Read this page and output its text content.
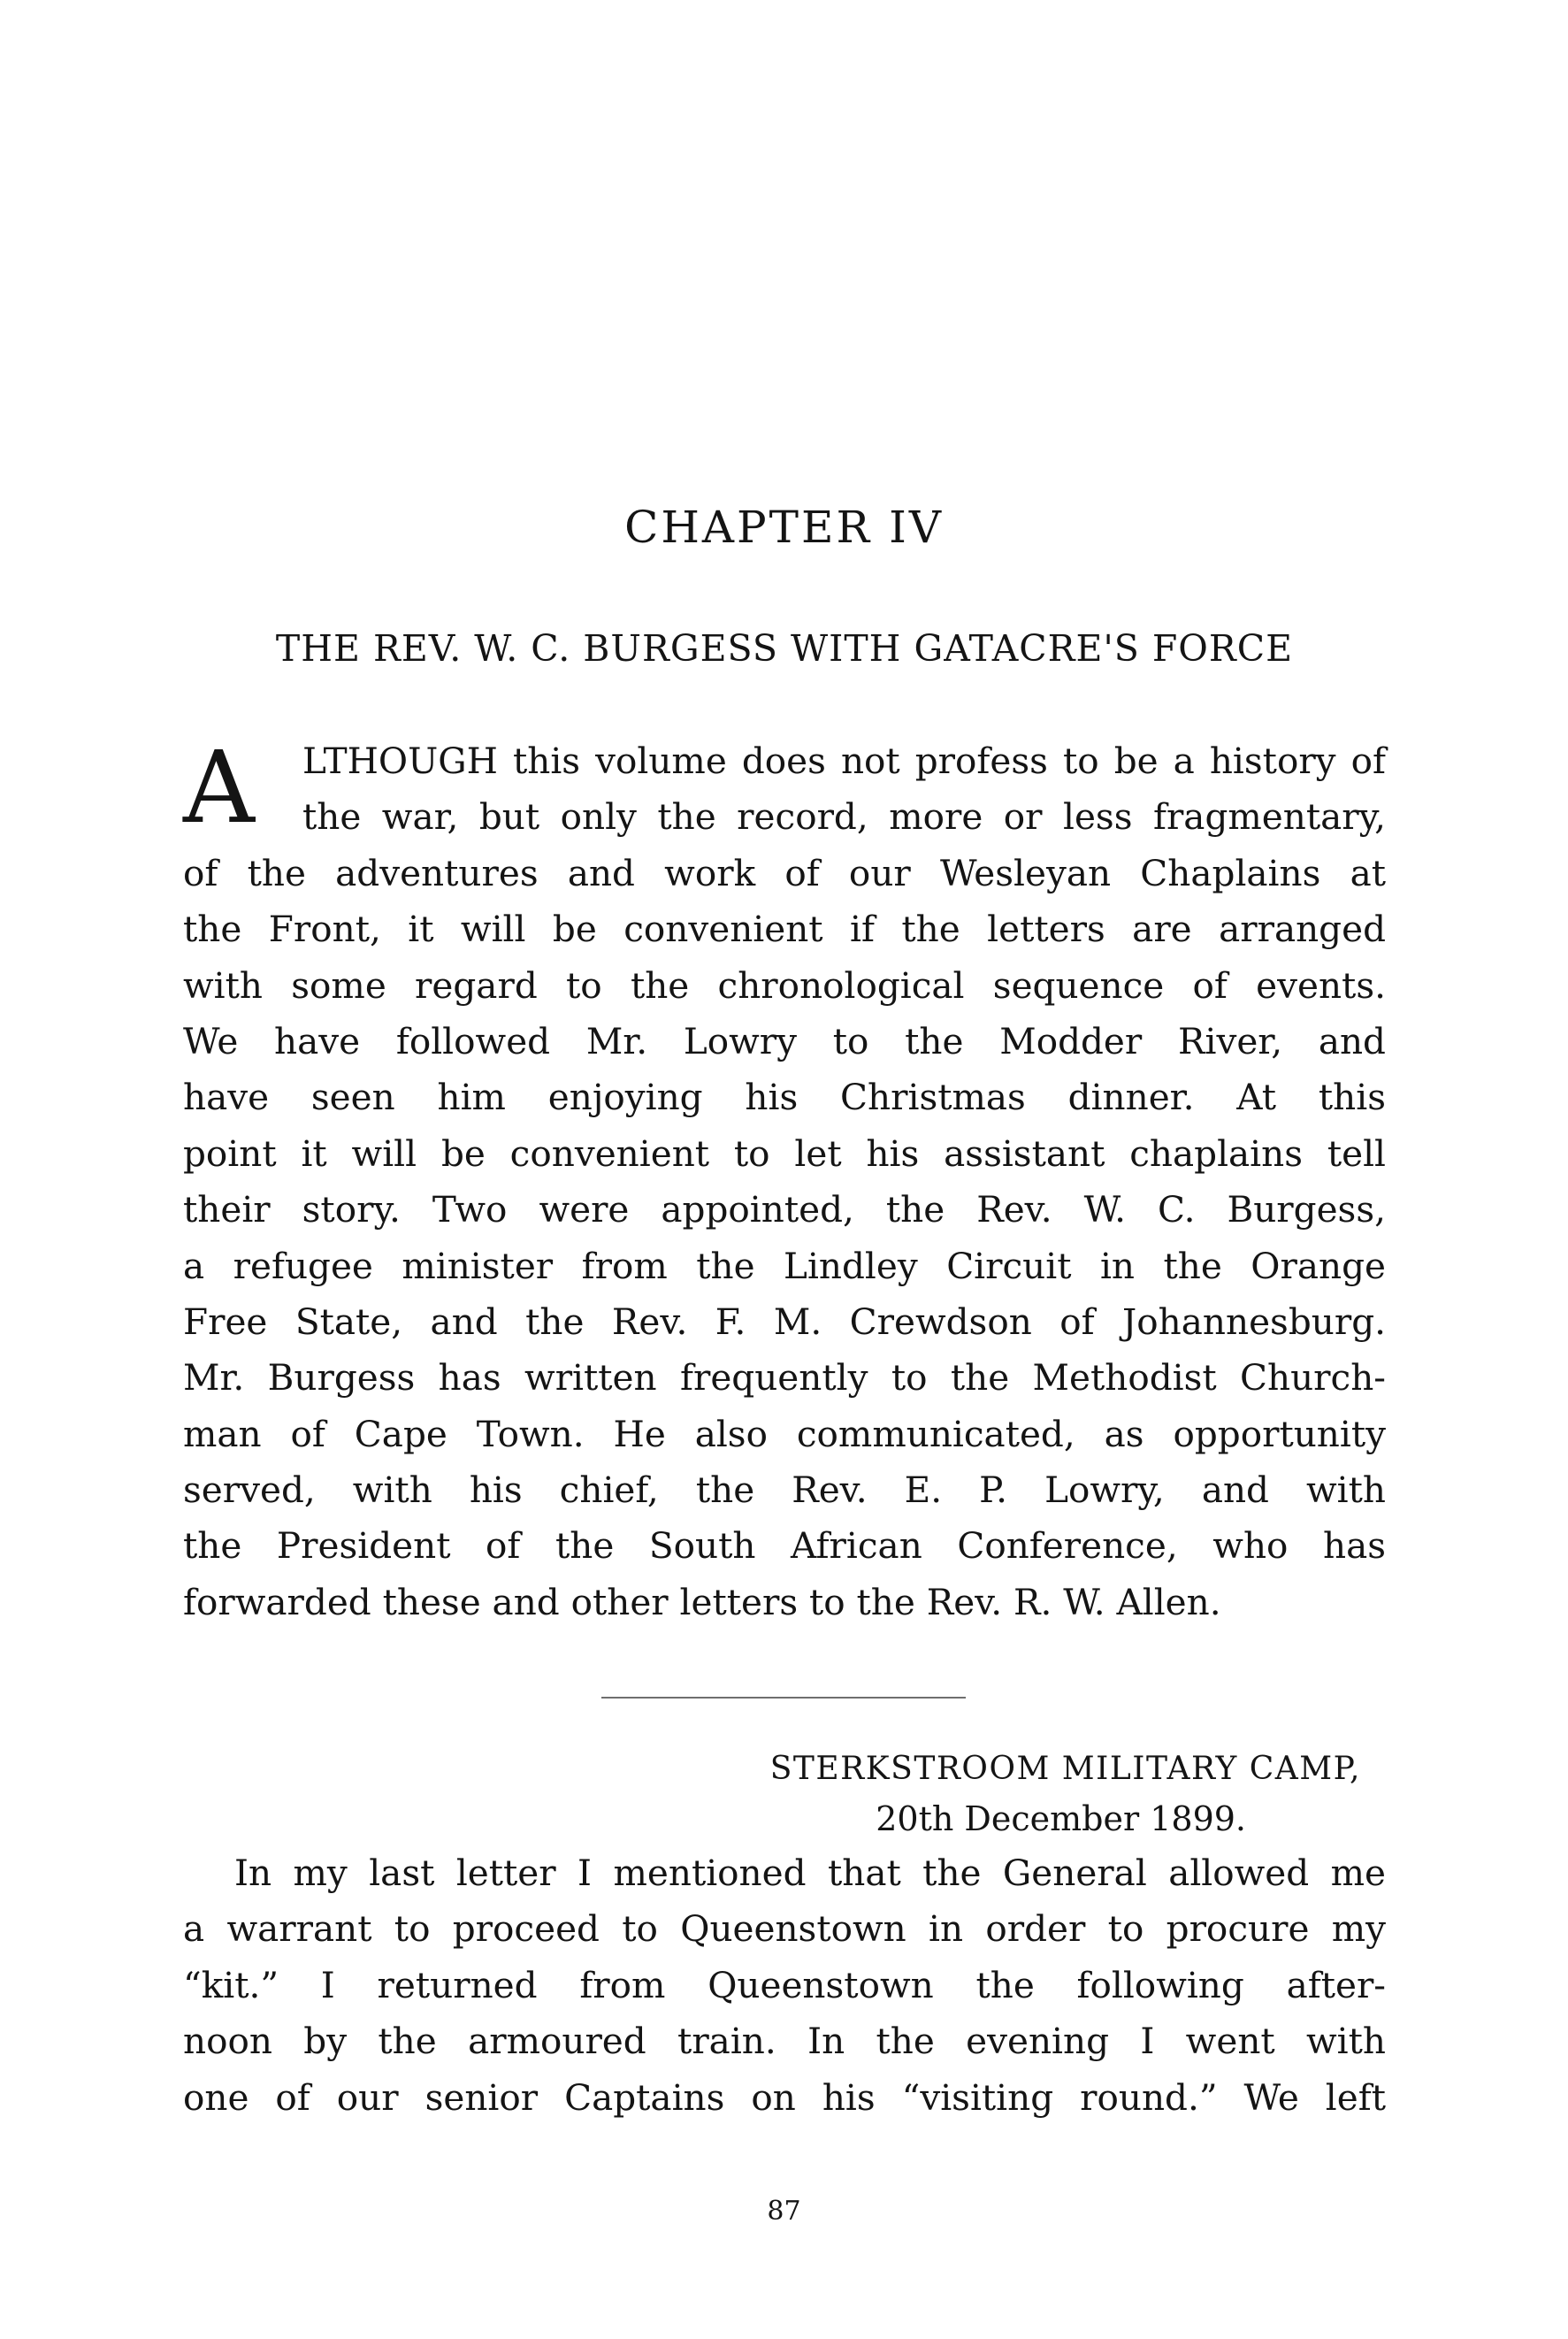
CHAPTER IV
THE REV. W. C. BURGESS WITH GATACRE'S FORCE
A	LTHOUGH this volume does not profess to be a history of
the war, but only the record, more or less fragmentary,
of the adventures and work of our Wesleyan Chaplains at
the Front, it will be convenient if the letters are arranged
with some regard to the chronological sequence of events.
We have followed Mr. Lowry to the Modder River, and
have seen him enjoying his Christmas dinner. At this
point it will be convenient to let his assistant chaplains tell
their story. Two were appointed, the Rev. W. C. Burgess,
a refugee minister from the Lindley Circuit in the Orange
Free State, and the Rev. F. M. Crewdson of Johannesburg.
Mr. Burgess has written frequently to the Methodist Church-
man of Cape Town. He also communicated, as opportunity
served, with his chief, the Rev. E. P. Lowry, and with
the President of the South African Conference, who has
forwarded these and other letters to the Rev. R. W. Allen.
STERKSTROOM MILITARY CAMP,
20th December 1899.
In my last letter I mentioned that the General allowed me
a warrant to proceed to Queenstown in order to procure my
“kit.” I returned from Queenstown the following after-
noon by the armoured train. In the evening I went with
one of our senior Captains on his “visiting round.” We left
87
